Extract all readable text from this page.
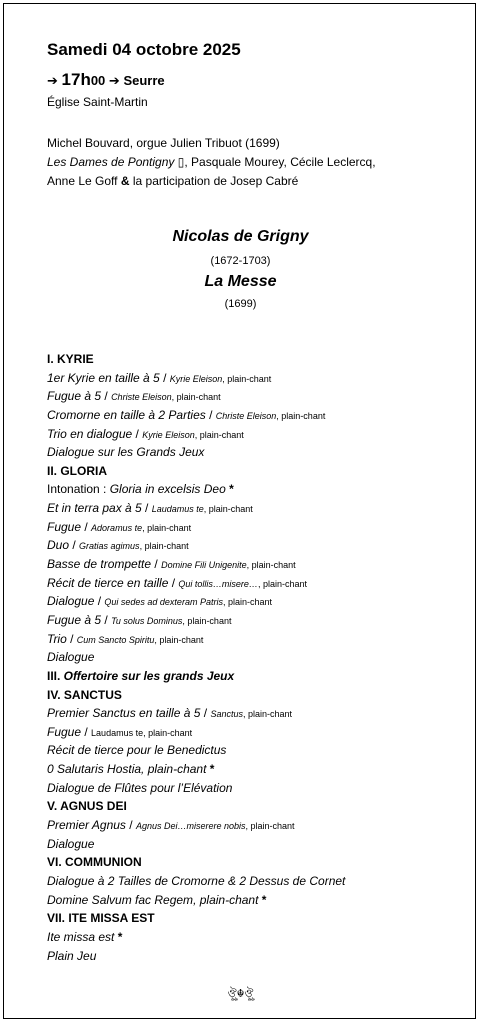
Samedi 04 octobre 2025
➔ 17h00 ➔ Seurre
Église Saint-Martin
Michel Bouvard, orgue Julien Tribuot (1699)
Les Dames de Pontigny ▯, Pasquale Mourey, Cécile Leclercq,
Anne Le Goff & la participation de Josep Cabré
Nicolas de Grigny
(1672-1703)
La Messe
(1699)
I. KYRIE
1er Kyrie en taille à 5 / Kyrie Eleison, plain-chant
Fugue à 5 / Christe Eleison, plain-chant
Cromorne en taille à 2 Parties / Christe Eleison, plain-chant
Trio en dialogue / Kyrie Eleison, plain-chant
Dialogue sur les Grands Jeux
II. GLORIA
Intonation : Gloria in excelsis Deo *
Et in terra pax à 5 / Laudamus te, plain-chant
Fugue / Adoramus te, plain-chant
Duo / Gratias agimus, plain-chant
Basse de trompette / Domine Fili Unigenite, plain-chant
Récit de tierce en taille / Qui tollis…misere…, plain-chant
Dialogue / Qui sedes ad dexteram Patris, plain-chant
Fugue à 5 / Tu solus Dominus, plain-chant
Trio / Cum Sancto Spiritu, plain-chant
Dialogue
III. Offertoire sur les grands Jeux
IV. SANCTUS
Premier Sanctus en taille à 5 / Sanctus, plain-chant
Fugue / Laudamus te, plain-chant
Récit de tierce pour le Benedictus
0 Salutaris Hostia, plain-chant *
Dialogue de Flûtes pour l’Elévation
V. AGNUS DEI
Premier Agnus / Agnus Dei…miserere nobis, plain-chant
Dialogue
VI. COMMUNION
Dialogue à 2 Tailles de Cromorne & 2 Dessus de Cornet
Domine Salvum fac Regem, plain-chant *
VII. ITE MISSA EST
Ite missa est *
Plain Jeu
ঔৣ☬ঔৣ
